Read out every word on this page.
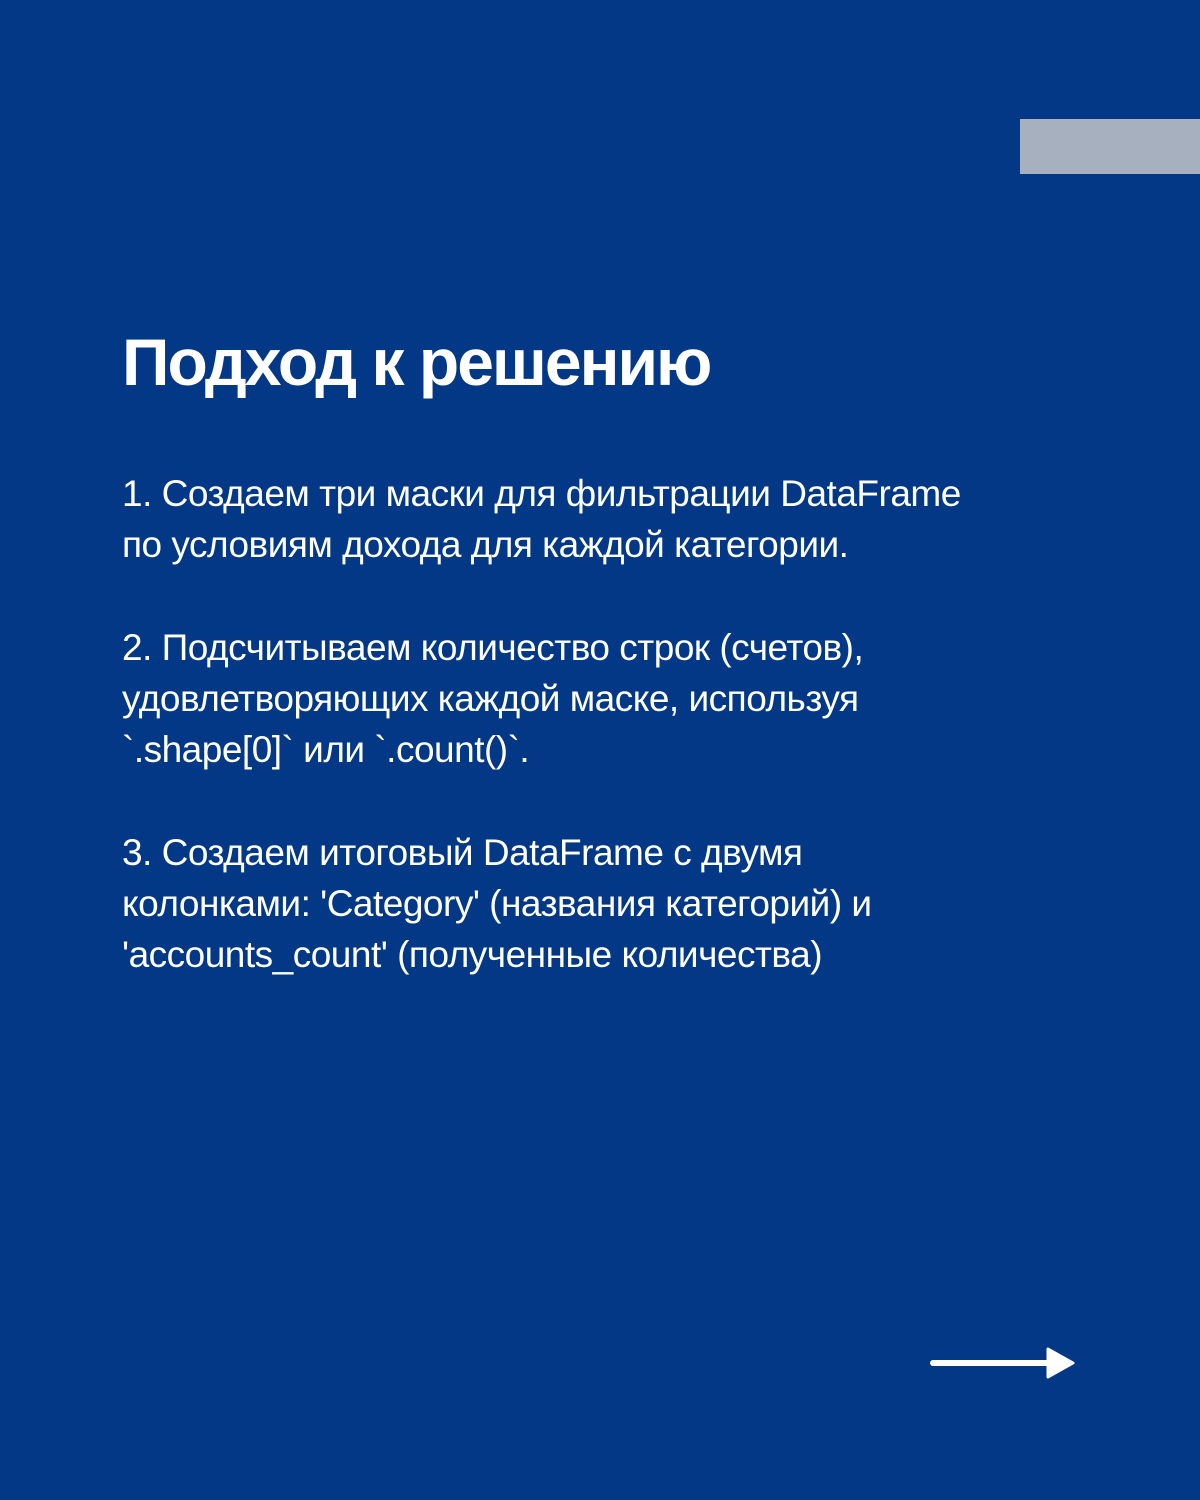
Подход к решению

1. Создаем три маски для фильтрации DataFrame
по условиям дохода для каждой категории.

2. Подсчитываем количество строк (счетов),
удовлетворяющих каждой маске, используя
`.shape[0]` или `.count()`.

3. Создаем итоговый DataFrame с двумя
колонками: 'Category' (названия категорий) и
'accounts_count' (полученные количества)
